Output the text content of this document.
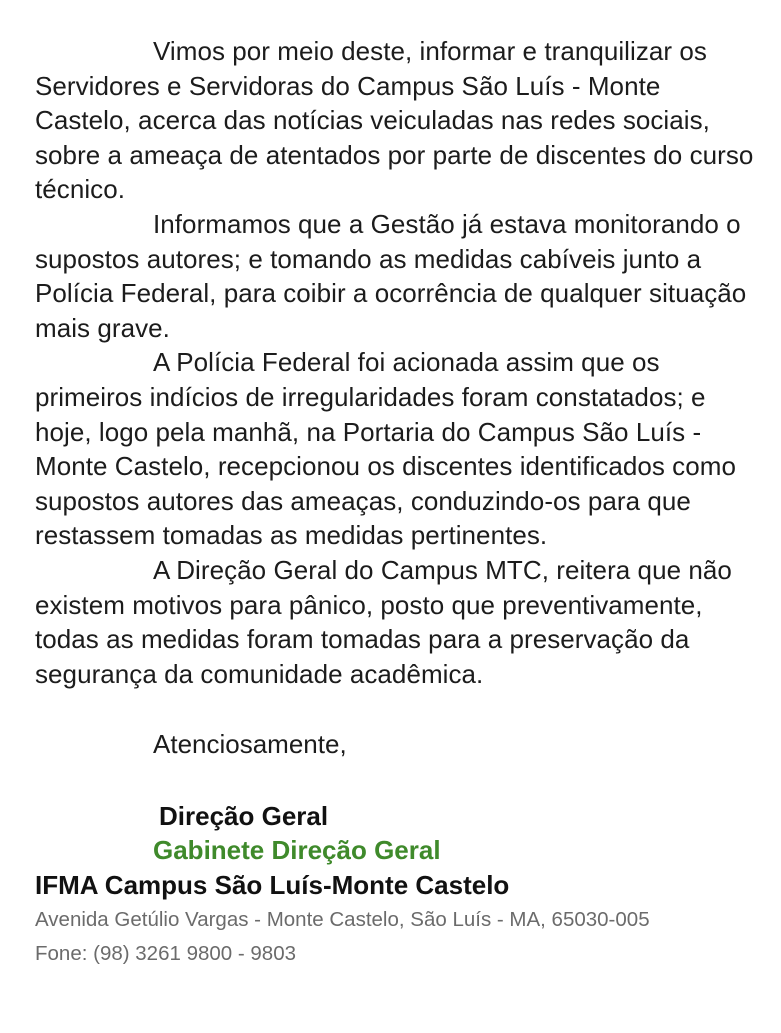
Vimos por meio deste, informar e tranquilizar os Servidores e Servidoras do Campus São Luís - Monte Castelo, acerca das notícias veiculadas nas redes sociais, sobre a ameaça de atentados por parte de discentes do curso técnico.

Informamos que a Gestão já estava monitorando o supostos autores; e tomando as medidas cabíveis junto a Polícia Federal, para coibir a ocorrência de qualquer situação mais grave.

A Polícia Federal foi acionada assim que os primeiros indícios de irregularidades foram constatados; e hoje, logo pela manhã, na Portaria do Campus São Luís - Monte Castelo, recepcionou os discentes identificados como supostos autores das ameaças, conduzindo-os para que restassem tomadas as medidas pertinentes.

A Direção Geral do Campus MTC, reitera que não existem motivos para pânico, posto que preventivamente, todas as medidas foram tomadas para a preservação da segurança da comunidade acadêmica.

Atenciosamente,

Direção Geral

Gabinete Direção Geral

IFMA Campus São Luís-Monte Castelo

Avenida Getúlio Vargas - Monte Castelo, São Luís - MA, 65030-005

Fone: (98) 3261 9800 - 9803
